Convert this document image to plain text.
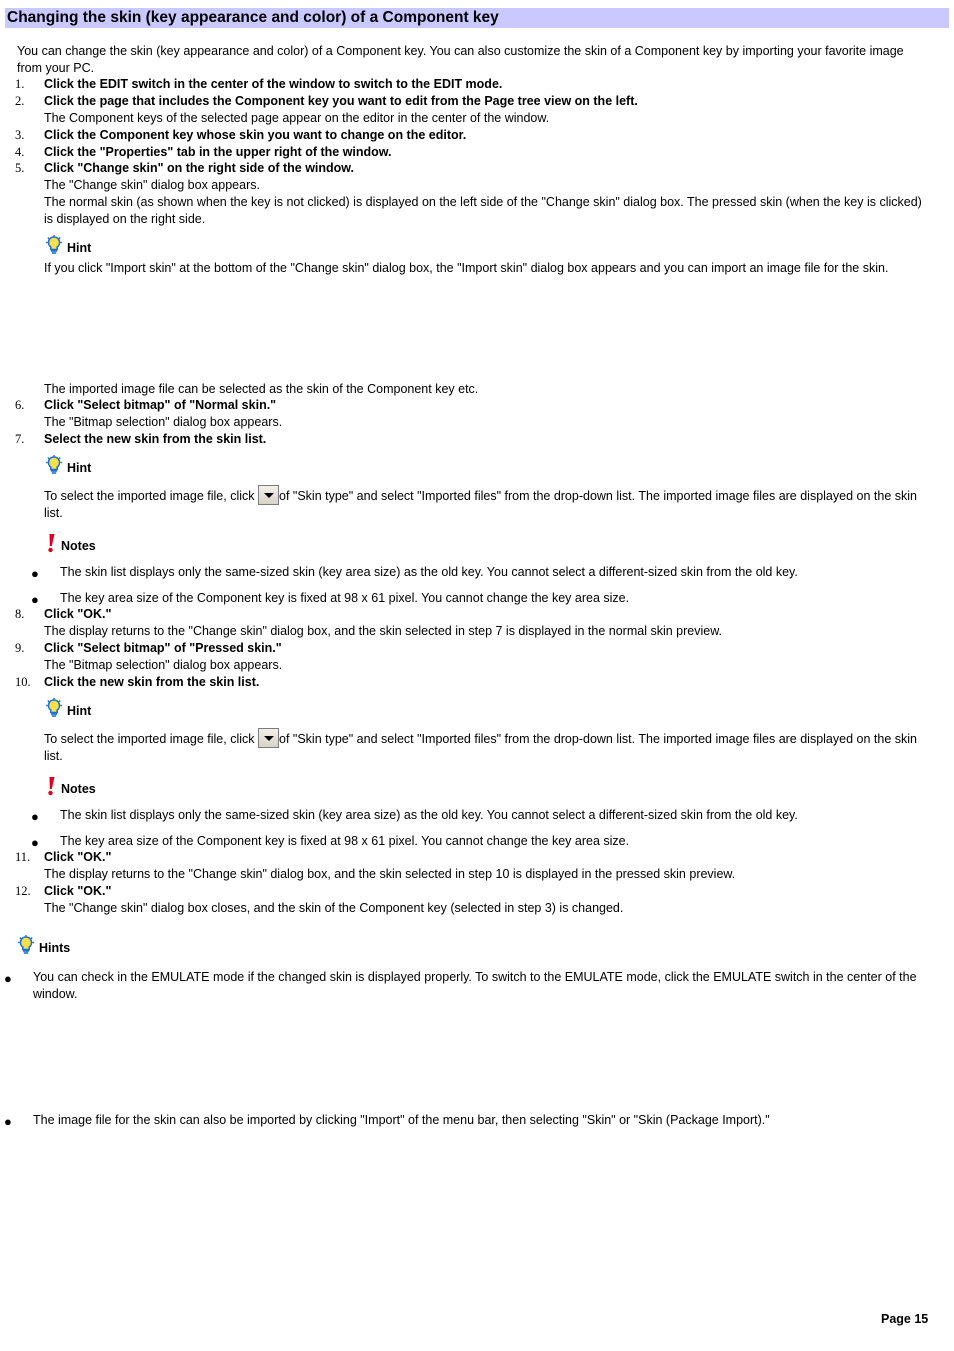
Changing the skin (key appearance and color) of a Component key
You can change the skin (key appearance and color) of a Component key. You can also customize the skin of a Component key by importing your favorite image from your PC.
1. Click the EDIT switch in the center of the window to switch to the EDIT mode.
2. Click the page that includes the Component key you want to edit from the Page tree view on the left.
The Component keys of the selected page appear on the editor in the center of the window.
3. Click the Component key whose skin you want to change on the editor.
4. Click the "Properties" tab in the upper right of the window.
5. Click "Change skin" on the right side of the window.
The "Change skin" dialog box appears.
The normal skin (as shown when the key is not clicked) is displayed on the left side of the "Change skin" dialog box. The pressed skin (when the key is clicked) is displayed on the right side.
Hint
If you click "Import skin" at the bottom of the "Change skin" dialog box, the "Import skin" dialog box appears and you can import an image file for the skin.
The imported image file can be selected as the skin of the Component key etc.
6. Click "Select bitmap" of "Normal skin."
The "Bitmap selection" dialog box appears.
7. Select the new skin from the skin list.
Hint
To select the imported image file, click of "Skin type" and select "Imported files" from the drop-down list. The imported image files are displayed on the skin list.
Notes
● The skin list displays only the same-sized skin (key area size) as the old key. You cannot select a different-sized skin from the old key.
● The key area size of the Component key is fixed at 98 x 61 pixel. You cannot change the key area size.
8. Click "OK."
The display returns to the "Change skin" dialog box, and the skin selected in step 7 is displayed in the normal skin preview.
9. Click "Select bitmap" of "Pressed skin."
The "Bitmap selection" dialog box appears.
10. Click the new skin from the skin list.
Hint
To select the imported image file, click of "Skin type" and select "Imported files" from the drop-down list. The imported image files are displayed on the skin list.
Notes
● The skin list displays only the same-sized skin (key area size) as the old key. You cannot select a different-sized skin from the old key.
● The key area size of the Component key is fixed at 98 x 61 pixel. You cannot change the key area size.
11. Click "OK."
The display returns to the "Change skin" dialog box, and the skin selected in step 10 is displayed in the pressed skin preview.
12. Click "OK."
The "Change skin" dialog box closes, and the skin of the Component key (selected in step 3) is changed.
Hints
● You can check in the EMULATE mode if the changed skin is displayed properly. To switch to the EMULATE mode, click the EMULATE switch in the center of the window.
● The image file for the skin can also be imported by clicking "Import" of the menu bar, then selecting "Skin" or "Skin (Package Import)."
Page 15
